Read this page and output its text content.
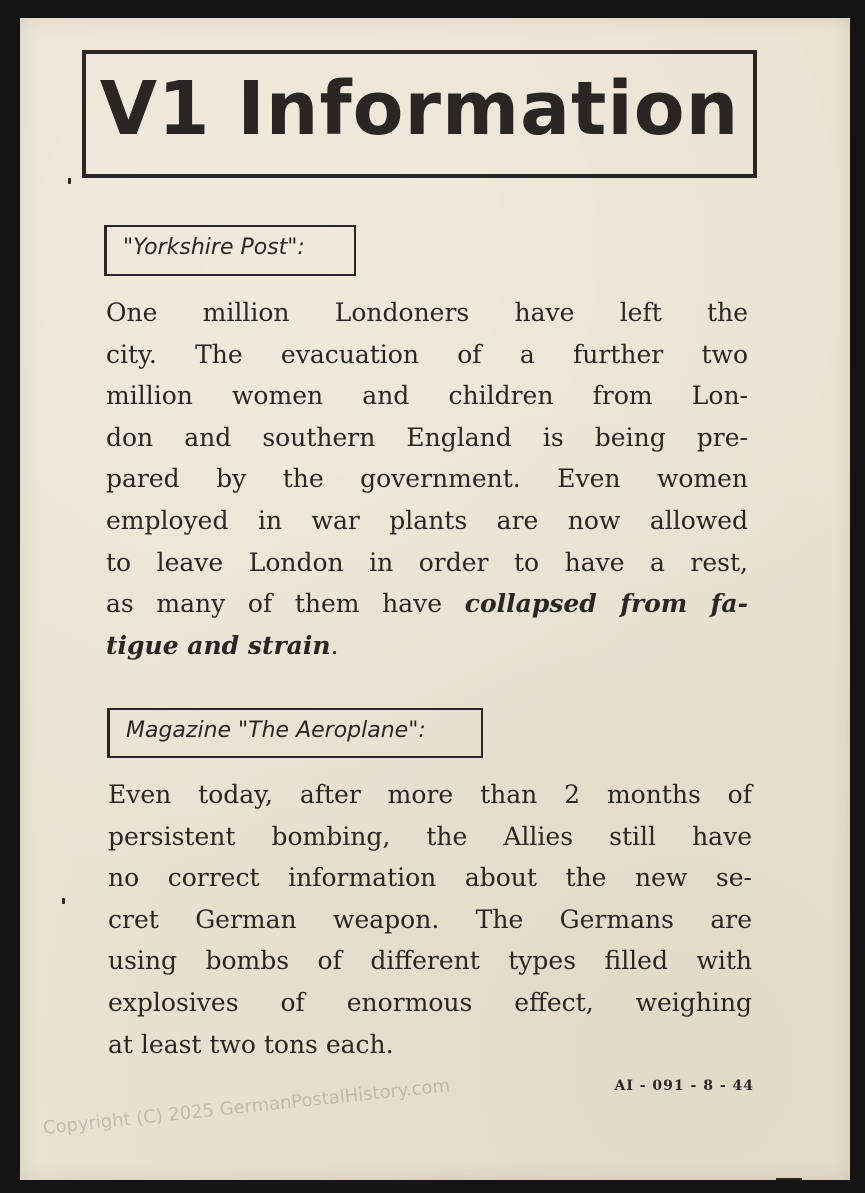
V1 Information
"Yorkshire Post":
One million Londoners have left the
city. The evacuation of a further two
million women and children from Lon-
don and southern England is being pre-
pared by the government. Even women
employed in war plants are now allowed
to leave London in order to have a rest,
as many of them have collapsed from fa-
tigue and strain.
Magazine "The Aeroplane":
Even today, after more than 2 months of
persistent bombing, the Allies still have
no correct information about the new se-
cret German weapon. The Germans are
using bombs of different types filled with
explosives of enormous effect, weighing
at least two tons each.
AI - 091 - 8 - 44
Copyright (C) 2025 GermanPostalHistory.com
